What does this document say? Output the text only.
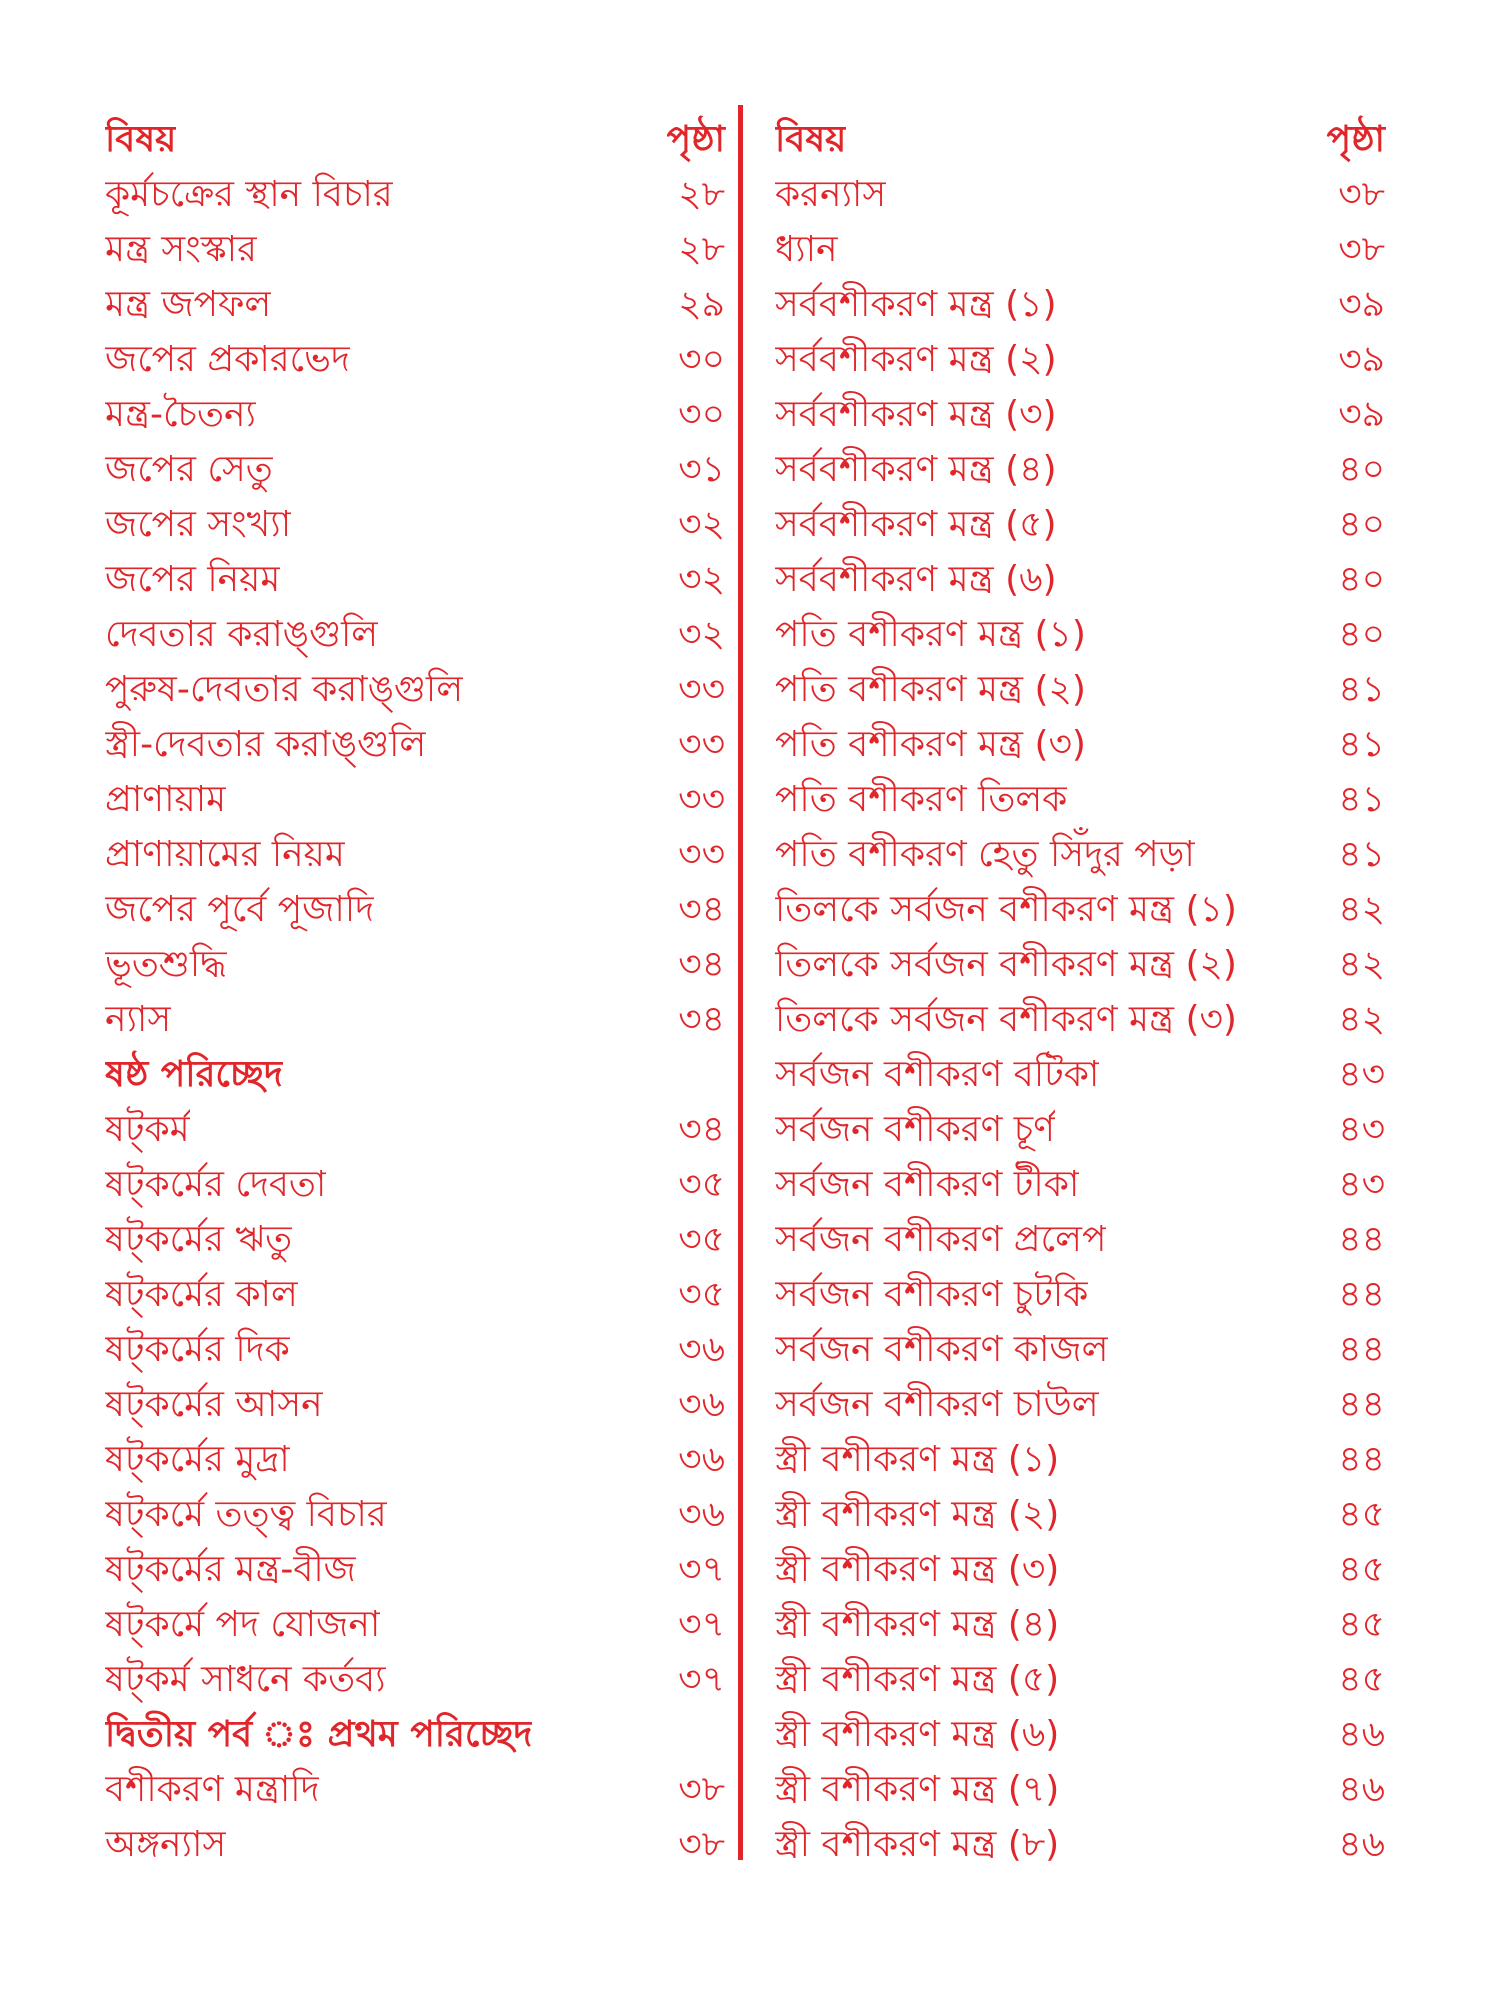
বিষয়	পৃষ্ঠা
কূর্মচক্রের স্থান বিচার	২৮
মন্ত্র সংস্কার	২৮
মন্ত্র জপফল	২৯
জপের প্রকারভেদ	৩০
মন্ত্র-চৈতন্য	৩০
জপের সেতু	৩১
জপের সংখ্যা	৩২
জপের নিয়ম	৩২
দেবতার করাঙ্গুলি	৩২
পুরুষ-দেবতার করাঙ্গুলি	৩৩
স্ত্রী-দেবতার করাঙ্গুলি	৩৩
প্রাণায়াম	৩৩
প্রাণায়ামের নিয়ম	৩৩
জপের পূর্বে পূজাদি	৩৪
ভূতশুদ্ধি	৩৪
ন্যাস	৩৪
ষষ্ঠ পরিচ্ছেদ
ষট্‌কর্ম	৩৪
ষট্‌কর্মের দেবতা	৩৫
ষট্‌কর্মের ঋতু	৩৫
ষট্‌কর্মের কাল	৩৫
ষট্‌কর্মের দিক	৩৬
ষট্‌কর্মের আসন	৩৬
ষট্‌কর্মের মুদ্রা	৩৬
ষট্‌কর্মে তত্ত্ব বিচার	৩৬
ষট্‌কর্মের মন্ত্র-বীজ	৩৭
ষট্‌কর্মে পদ যোজনা	৩৭
ষট্‌কর্ম সাধনে কর্তব্য	৩৭
দ্বিতীয় পর্ব ঃ প্রথম পরিচ্ছেদ
বশীকরণ মন্ত্রাদি	৩৮
অঙ্গন্যাস	৩৮
বিষয়	পৃষ্ঠা
করন্যাস	৩৮
ধ্যান	৩৮
সর্ববশীকরণ মন্ত্র (১)	৩৯
সর্ববশীকরণ মন্ত্র (২)	৩৯
সর্ববশীকরণ মন্ত্র (৩)	৩৯
সর্ববশীকরণ মন্ত্র (৪)	৪০
সর্ববশীকরণ মন্ত্র (৫)	৪০
সর্ববশীকরণ মন্ত্র (৬)	৪০
পতি বশীকরণ মন্ত্র (১)	৪০
পতি বশীকরণ মন্ত্র (২)	৪১
পতি বশীকরণ মন্ত্র (৩)	৪১
পতি বশীকরণ তিলক	৪১
পতি বশীকরণ হেতু সিঁদুর পড়া	৪১
তিলকে সর্বজন বশীকরণ মন্ত্র (১)	৪২
তিলকে সর্বজন বশীকরণ মন্ত্র (২)	৪২
তিলকে সর্বজন বশীকরণ মন্ত্র (৩)	৪২
সর্বজন বশীকরণ বটিকা	৪৩
সর্বজন বশীকরণ চূর্ণ	৪৩
সর্বজন বশীকরণ টীকা	৪৩
সর্বজন বশীকরণ প্রলেপ	৪৪
সর্বজন বশীকরণ চুটকি	৪৪
সর্বজন বশীকরণ কাজল	৪৪
সর্বজন বশীকরণ চাউল	৪৪
স্ত্রী বশীকরণ মন্ত্র (১)	৪৪
স্ত্রী বশীকরণ মন্ত্র (২)	৪৫
স্ত্রী বশীকরণ মন্ত্র (৩)	৪৫
স্ত্রী বশীকরণ মন্ত্র (৪)	৪৫
স্ত্রী বশীকরণ মন্ত্র (৫)	৪৫
স্ত্রী বশীকরণ মন্ত্র (৬)	৪৬
স্ত্রী বশীকরণ মন্ত্র (৭)	৪৬
স্ত্রী বশীকরণ মন্ত্র (৮)	৪৬
